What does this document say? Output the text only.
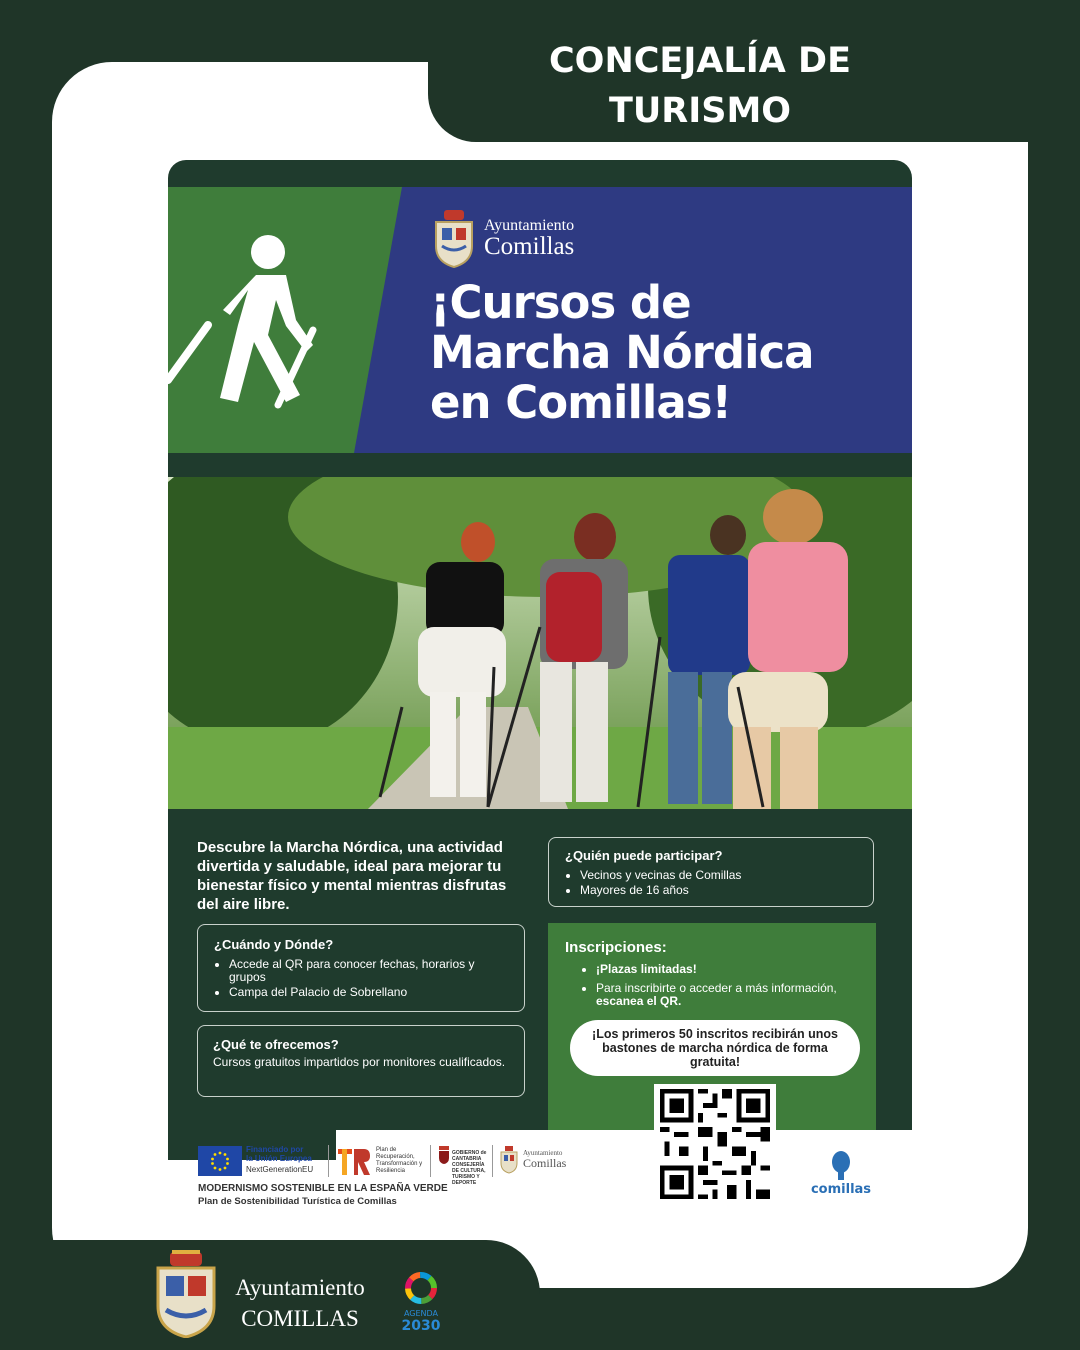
CONCEJALÍA DE
TURISMO
Ayuntamiento
Comillas
¡Cursos de
Marcha Nórdica
en Comillas!
Descubre la Marcha Nórdica, una actividad divertida y saludable, ideal para mejorar tu bienestar físico y mental mientras disfrutas del aire libre.
¿Quién puede participar?
• Vecinos y vecinas de Comillas
• Mayores de 16 años
¿Cuándo y Dónde?
• Accede al QR para conocer fechas, horarios y grupos
• Campa del Palacio de Sobrellano
¿Qué te ofrecemos?

Cursos gratuitos impartidos por monitores cualificados.

Inscripciones:
• ¡Plazas limitadas!
• Para inscribirte o acceder a más información, escanea el QR.
¡Los primeros 50 inscritos recibirán unos bastones de marcha nórdica de forma gratuita!
Financiado por
la Unión Europea
NextGenerationEU
Plan de Recuperación, Transformación y Resiliencia
GOBIERNO de CANTABRIA
CONSEJERÍA DE CULTURA, TURISMO Y DEPORTE
Ayuntamiento
Comillas
MODERNISMO SOSTENIBLE EN LA ESPAÑA VERDE
Plan de Sostenibilidad Turística de Comillas
comillas
Ayuntamiento
COMILLAS	AGENDA
2030
